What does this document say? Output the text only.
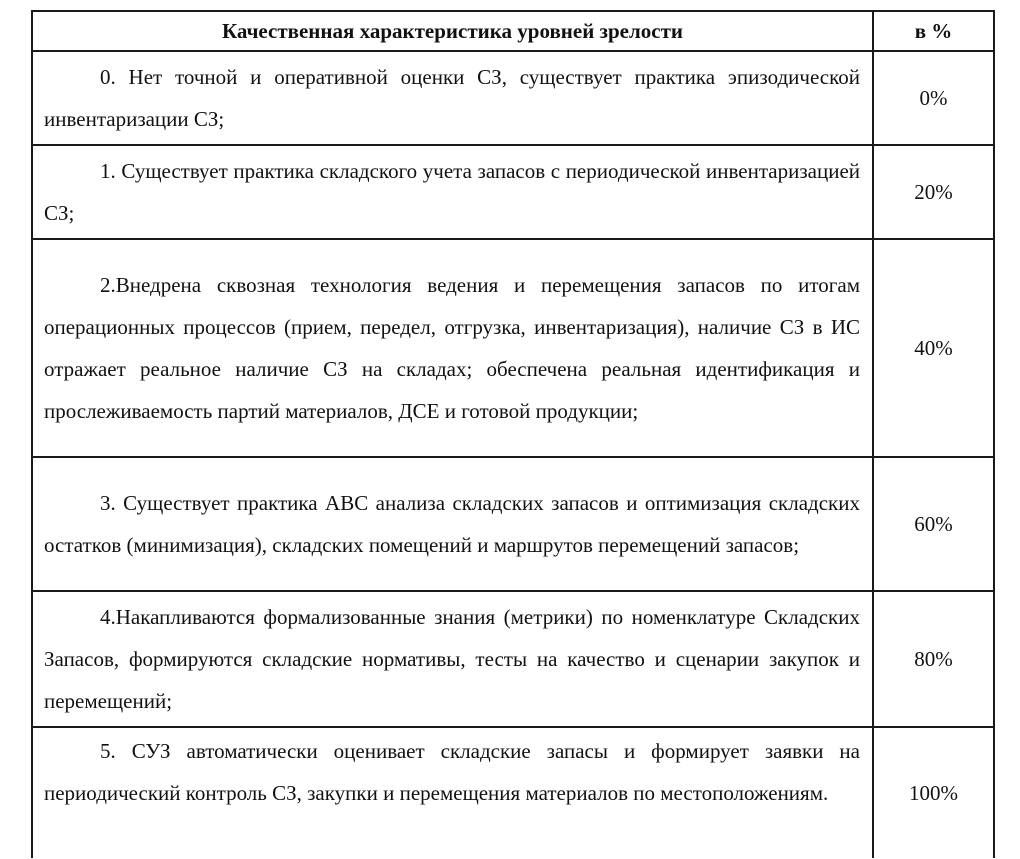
Качественная характеристика уровней зрелости	в %
0. Нет точной и оперативной оценки СЗ, существует практика эпизодической инвентаризации СЗ;	0%
1. Существует практика складского учета запасов с периодической инвентаризацией СЗ;	20%
2.Внедрена сквозная технология ведения и перемещения запасов по итогам операционных процессов (прием, передел, отгрузка, инвентаризация), наличие СЗ в ИС отражает реальное наличие СЗ на складах; обеспечена реальная идентификация и прослеживаемость партий материалов, ДСЕ и готовой продукции;	40%
3. Существует практика ABC анализа складских запасов и оптимизация складских остатков (минимизация), складских помещений и маршрутов перемещений запасов;	60%
4.Накапливаются формализованные знания (метрики) по номенклатуре Складских Запасов, формируются складские нормативы, тесты на качество и сценарии закупок и перемещений;	80%
5. СУЗ автоматически оценивает складские запасы и формирует заявки на периодический контроль СЗ, закупки и перемещения материалов по местоположениям.	100%
